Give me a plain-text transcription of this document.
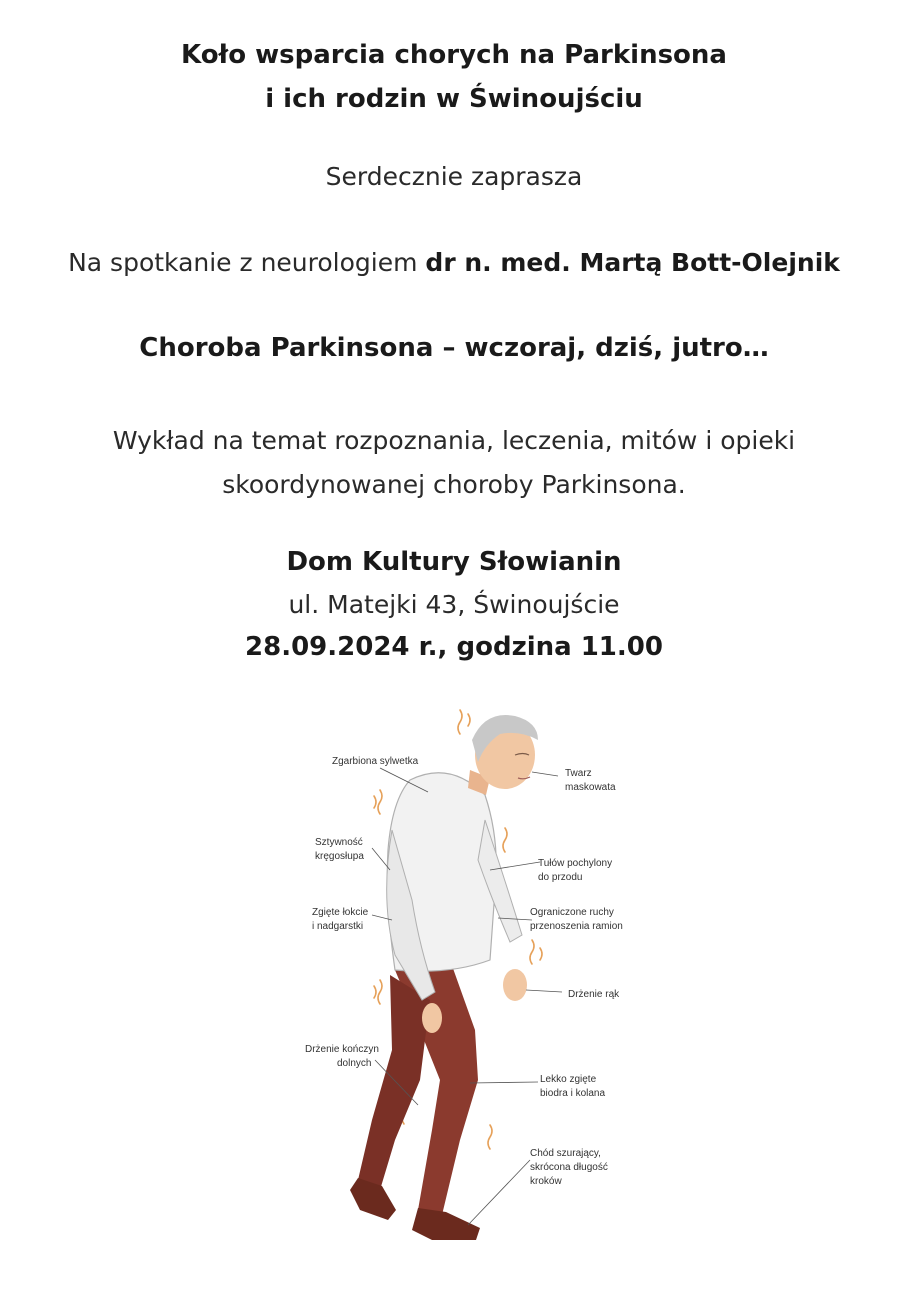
Koło wsparcia chorych na Parkinsona
i ich rodzin w Świnoujściu
Serdecznie zaprasza
Na spotkanie z neurologiem dr n. med. Martą Bott-Olejnik
Choroba Parkinsona – wczoraj, dziś, jutro…
Wykład na temat rozpoznania, leczenia, mitów i opieki
skoordynowanej choroby Parkinsona.
Dom Kultury Słowianin
ul. Matejki 43, Świnoujście
28.09.2024 r., godzina 11.00
Zgarbiona sylwetka
Twarz
maskowata
Sztywność
kręgosłupa
Tułów pochylony
do przodu
Zgięte łokcie
i nadgarstki
Ograniczone ruchy
przenoszenia ramion
Drżenie rąk
Drżenie kończyn
dolnych
Lekko zgięte
biodra i kolana
Chód szurający,
skrócona długość
kroków
